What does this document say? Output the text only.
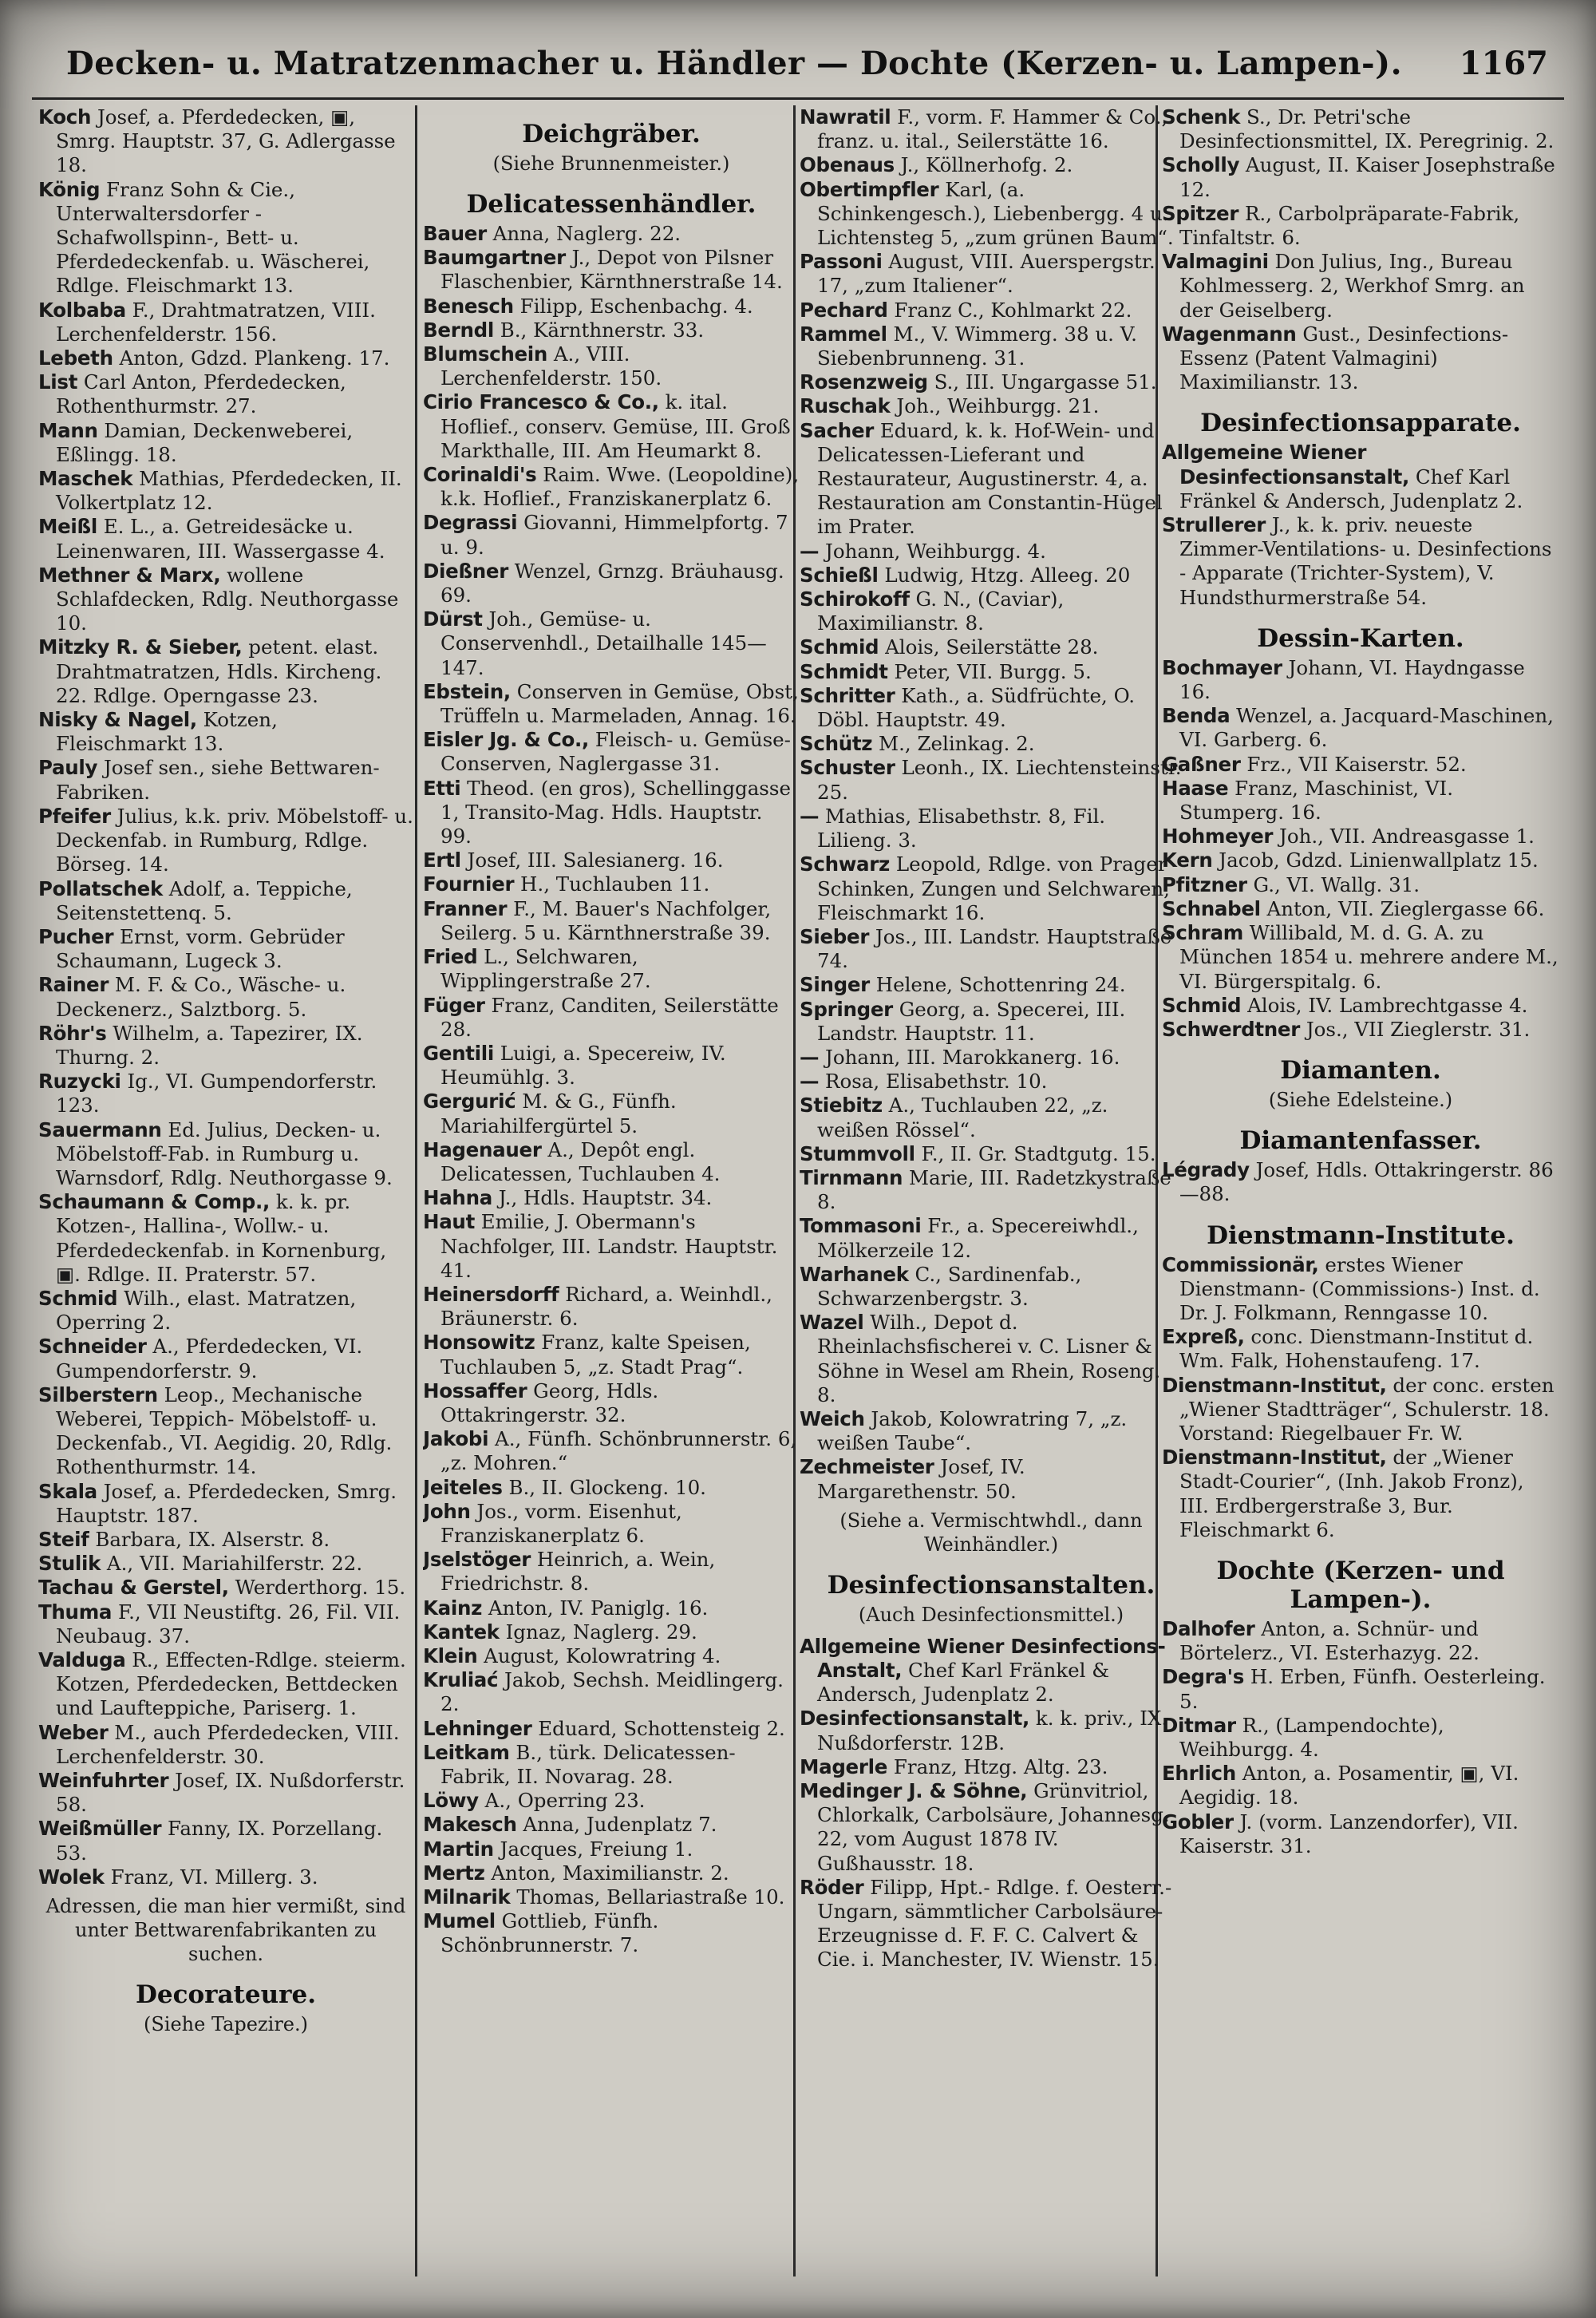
Decken- u. Matratzenmacher u. Händler — Dochte (Kerzen- u. Lampen-).	1167

Koch Josef, a. Pferdedecken, ▣, Smrg. Hauptstr. 37, G. Adlergasse 18.

König Franz Sohn & Cie., Unterwaltersdorfer - Schafwollspinn-, Bett- u. Pferdedeckenfab. u. Wäscherei, Rdlge. Fleischmarkt 13.

Kolbaba F., Drahtmatratzen, VIII. Lerchenfelderstr. 156.

Lebeth Anton, Gdzd. Plankeng. 17.

List Carl Anton, Pferdedecken, Rothenthurmstr. 27.

Mann Damian, Deckenweberei, Eßlingg. 18.

Maschek Mathias, Pferdedecken, II. Volkertplatz 12.

Meißl E. L., a. Getreidesäcke u. Leinenwaren, III. Wassergasse 4.

Methner & Marx, wollene Schlafdecken, Rdlg. Neuthorgasse 10.

Mitzky R. & Sieber, petent. elast. Drahtmatratzen, Hdls. Kircheng. 22. Rdlge. Operngasse 23.

Nisky & Nagel, Kotzen, Fleischmarkt 13.

Pauly Josef sen., siehe Bettwaren-Fabriken.

Pfeifer Julius, k.k. priv. Möbelstoff- u. Deckenfab. in Rumburg, Rdlge. Börseg. 14.

Pollatschek Adolf, a. Teppiche, Seitenstettenq. 5.

Pucher Ernst, vorm. Gebrüder Schaumann, Lugeck 3.

Rainer M. F. & Co., Wäsche- u. Deckenerz., Salztborg. 5.

Röhr's Wilhelm, a. Tapezirer, IX. Thurng. 2.

Ruzycki Ig., VI. Gumpendorferstr. 123.

Sauermann Ed. Julius, Decken- u. Möbelstoff-Fab. in Rumburg u. Warnsdorf, Rdlg. Neuthorgasse 9.

Schaumann & Comp., k. k. pr. Kotzen-, Hallina-, Wollw.- u. Pferdedeckenfab. in Kornenburg, ▣. Rdlge. II. Praterstr. 57.

Schmid Wilh., elast. Matratzen, Operring 2.

Schneider A., Pferdedecken, VI. Gumpendorferstr. 9.

Silberstern Leop., Mechanische Weberei, Teppich- Möbelstoff- u. Deckenfab., VI. Aegidig. 20, Rdlg. Rothenthurmstr. 14.

Skala Josef, a. Pferdedecken, Smrg. Hauptstr. 187.

Steif Barbara, IX. Alserstr. 8.

Stulik A., VII. Mariahilferstr. 22.

Tachau & Gerstel, Werderthorg. 15.

Thuma F., VII Neustiftg. 26, Fil. VII. Neubaug. 37.

Valduga R., Effecten-Rdlge. steierm. Kotzen, Pferdedecken, Bettdecken und Laufteppiche, Pariserg. 1.

Weber M., auch Pferdedecken, VIII. Lerchenfelderstr. 30.

Weinfuhrter Josef, IX. Nußdorferstr. 58.

Weißmüller Fanny, IX. Porzellang. 53.

Wolek Franz, VI. Millerg. 3.

Adressen, die man hier vermißt, sind unter Bettwarenfabrikanten zu suchen.
Decorateure.
(Siehe Tapezire.)
Deichgräber.
(Siehe Brunnenmeister.)
Delicatessenhändler.

Bauer Anna, Naglerg. 22.

Baumgartner J., Depot von Pilsner Flaschenbier, Kärnthnerstraße 14.

Benesch Filipp, Eschenbachg. 4.

Berndl B., Kärnthnerstr. 33.

Blumschein A., VIII. Lerchenfelderstr. 150.

Cirio Francesco & Co., k. ital. Hoflief., conserv. Gemüse, III. Groß Markthalle, III. Am Heumarkt 8.

Corinaldi's Raim. Wwe. (Leopoldine), k.k. Hoflief., Franziskanerplatz 6.

Degrassi Giovanni, Himmelpfortg. 7 u. 9.

Dießner Wenzel, Grnzg. Bräuhausg. 69.

Dürst Joh., Gemüse- u. Conservenhdl., Detailhalle 145—147.

Ebstein, Conserven in Gemüse, Obst, Trüffeln u. Marmeladen, Annag. 16.

Eisler Jg. & Co., Fleisch- u. Gemüse-Conserven, Naglergasse 31.

Etti Theod. (en gros), Schellinggasse 1, Transito-Mag. Hdls. Hauptstr. 99.

Ertl Josef, III. Salesianerg. 16.

Fournier H., Tuchlauben 11.

Franner F., M. Bauer's Nachfolger, Seilerg. 5 u. Kärnthnerstraße 39.

Fried L., Selchwaren, Wipplingerstraße 27.

Füger Franz, Canditen, Seilerstätte 28.

Gentili Luigi, a. Specereiw, IV. Heumühlg. 3.

Gergurić M. & G., Fünfh. Mariahilfergürtel 5.

Hagenauer A., Depôt engl. Delicatessen, Tuchlauben 4.

Hahna J., Hdls. Hauptstr. 34.

Haut Emilie, J. Obermann's Nachfolger, III. Landstr. Hauptstr. 41.

Heinersdorff Richard, a. Weinhdl., Bräunerstr. 6.

Honsowitz Franz, kalte Speisen, Tuchlauben 5, „z. Stadt Prag“.

Hossaffer Georg, Hdls. Ottakringerstr. 32.

Jakobi A., Fünfh. Schönbrunnerstr. 6, „z. Mohren.“

Jeiteles B., II. Glockeng. 10.

John Jos., vorm. Eisenhut, Franziskanerplatz 6.

Jselstöger Heinrich, a. Wein, Friedrichstr. 8.

Kainz Anton, IV. Paniglg. 16.

Kantek Ignaz, Naglerg. 29.

Klein August, Kolowratring 4.

Kruliać Jakob, Sechsh. Meidlingerg. 2.

Lehninger Eduard, Schottensteig 2.

Leitkam B., türk. Delicatessen-Fabrik, II. Novarag. 28.

Löwy A., Operring 23.

Makesch Anna, Judenplatz 7.

Martin Jacques, Freiung 1.

Mertz Anton, Maximilianstr. 2.

Milnarik Thomas, Bellariastraße 10.

Mumel Gottlieb, Fünfh. Schönbrunnerstr. 7.

Nawratil F., vorm. F. Hammer & Co., franz. u. ital., Seilerstätte 16.

Obenaus J., Köllnerhofg. 2.

Obertimpfler Karl, (a. Schinkengesch.), Liebenbergg. 4 u. Lichtensteg 5, „zum grünen Baum“.

Passoni August, VIII. Auerspergstr. 17, „zum Italiener“.

Pechard Franz C., Kohlmarkt 22.

Rammel M., V. Wimmerg. 38 u. V. Siebenbrunneng. 31.

Rosenzweig S., III. Ungargasse 51.

Ruschak Joh., Weihburgg. 21.

Sacher Eduard, k. k. Hof-Wein- und Delicatessen-Lieferant und Restaurateur, Augustinerstr. 4, a. Restauration am Constantin-Hügel im Prater.

— Johann, Weihburgg. 4.

Schießl Ludwig, Htzg. Alleeg. 20

Schirokoff G. N., (Caviar), Maximilianstr. 8.

Schmid Alois, Seilerstätte 28.

Schmidt Peter, VII. Burgg. 5.

Schritter Kath., a. Südfrüchte, O. Döbl. Hauptstr. 49.

Schütz M., Zelinkag. 2.

Schuster Leonh., IX. Liechtensteinstr. 25.

— Mathias, Elisabethstr. 8, Fil. Lilieng. 3.

Schwarz Leopold, Rdlge. von Prager Schinken, Zungen und Selchwaren, Fleischmarkt 16.

Sieber Jos., III. Landstr. Hauptstraße 74.

Singer Helene, Schottenring 24.

Springer Georg, a. Specerei, III. Landstr. Hauptstr. 11.

— Johann, III. Marokkanerg. 16.

— Rosa, Elisabethstr. 10.

Stiebitz A., Tuchlauben 22, „z. weißen Rössel“.

Stummvoll F., II. Gr. Stadtgutg. 15.

Tirnmann Marie, III. Radetzkystraße 8.

Tommasoni Fr., a. Specereiwhdl., Mölkerzeile 12.

Warhanek C., Sardinenfab., Schwarzenbergstr. 3.

Wazel Wilh., Depot d. Rheinlachsfischerei v. C. Lisner & Söhne in Wesel am Rhein, Roseng. 8.

Weich Jakob, Kolowratring 7, „z. weißen Taube“.

Zechmeister Josef, IV. Margarethenstr. 50.

(Siehe a. Vermischtwhdl., dann Weinhändler.)
Desinfectionsanstalten.
(Auch Desinfectionsmittel.)

Allgemeine Wiener Desinfections-Anstalt, Chef Karl Fränkel & Andersch, Judenplatz 2.

Desinfectionsanstalt, k. k. priv., IX. Nußdorferstr. 12B.

Magerle Franz, Htzg. Altg. 23.

Medinger J. & Söhne, Grünvitriol, Chlorkalk, Carbolsäure, Johannesg. 22, vom August 1878 IV. Gußhausstr. 18.

Röder Filipp, Hpt.- Rdlge. f. Oesterr.-Ungarn, sämmtlicher Carbolsäure-Erzeugnisse d. F. F. C. Calvert & Cie. i. Manchester, IV. Wienstr. 15.

Schenk S., Dr. Petri'sche Desinfectionsmittel, IX. Peregrinig. 2.

Scholly August, II. Kaiser Josephstraße 12.

Spitzer R., Carbolpräparate-Fabrik, Tinfaltstr. 6.

Valmagini Don Julius, Ing., Bureau Kohlmesserg. 2, Werkhof Smrg. an der Geiselberg.

Wagenmann Gust., Desinfections-Essenz (Patent Valmagini) Maximilianstr. 13.

Desinfectionsapparate.

Allgemeine Wiener Desinfectionsanstalt, Chef Karl Fränkel & Andersch, Judenplatz 2.

Strullerer J., k. k. priv. neueste Zimmer-Ventilations- u. Desinfections - Apparate (Trichter-System), V. Hundsthurmerstraße 54.

Dessin-Karten.

Bochmayer Johann, VI. Haydngasse 16.

Benda Wenzel, a. Jacquard-Maschinen, VI. Garberg. 6.

Gaßner Frz., VII Kaiserstr. 52.

Haase Franz, Maschinist, VI. Stumperg. 16.

Hohmeyer Joh., VII. Andreasgasse 1.

Kern Jacob, Gdzd. Linienwallplatz 15.

Pfitzner G., VI. Wallg. 31.

Schnabel Anton, VII. Zieglergasse 66.

Schram Willibald, M. d. G. A. zu München 1854 u. mehrere andere M., VI. Bürgerspitalg. 6.

Schmid Alois, IV. Lambrechtgasse 4.

Schwerdtner Jos., VII Zieglerstr. 31.

Diamanten.
(Siehe Edelsteine.)
Diamantenfasser.

Légrady Josef, Hdls. Ottakringerstr. 86—88.

Dienstmann-Institute.

Commissionär, erstes Wiener Dienstmann- (Commissions-) Inst. d. Dr. J. Folkmann, Renngasse 10.

Expreß, conc. Dienstmann-Institut d. Wm. Falk, Hohenstaufeng. 17.

Dienstmann-Institut, der conc. ersten „Wiener Stadtträger“, Schulerstr. 18. Vorstand: Riegelbauer Fr. W.

Dienstmann-Institut, der „Wiener Stadt-Courier“, (Inh. Jakob Fronz), III. Erdbergerstraße 3, Bur. Fleischmarkt 6.

Dochte (Kerzen- und Lampen-).

Dalhofer Anton, a. Schnür- und Börtelerz., VI. Esterhazyg. 22.

Degra's H. Erben, Fünfh. Oesterleing. 5.

Ditmar R., (Lampendochte), Weihburgg. 4.

Ehrlich Anton, a. Posamentir, ▣, VI. Aegidig. 18.

Gobler J. (vorm. Lanzendorfer), VII. Kaiserstr. 31.
